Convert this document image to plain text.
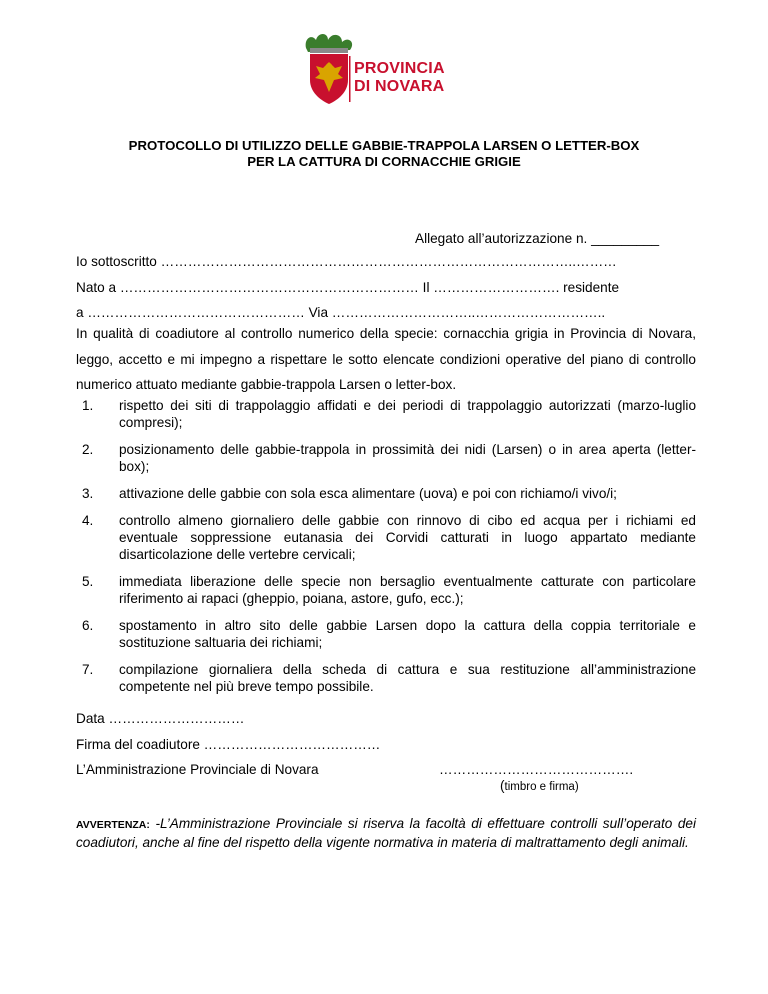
PROVINCIA
DI NOVARA
PROTOCOLLO DI UTILIZZO DELLE GABBIE-TRAPPOLA LARSEN O LETTER-BOX
PER LA CATTURA DI CORNACCHIE GRIGIE
Allegato all’autorizzazione n. _________
Io sottoscritto ………………………………………………………………………………..………
Nato a ………………………………………………………… Il ………………………. residente
a ………………………………………… Via …………………………..………………………..
In qualità di coadiutore al controllo numerico della specie: cornacchia grigia in Provincia di Novara, leggo, accetto e mi impegno a rispettare le sotto elencate condizioni operative del piano di controllo numerico attuato mediante gabbie-trappola Larsen o letter-box.
1. rispetto dei siti di trappolaggio affidati e dei periodi di trappolaggio autorizzati (marzo-luglio compresi);
2. posizionamento delle gabbie-trappola in prossimità dei nidi (Larsen) o in area aperta (letter-box);
3. attivazione delle gabbie con sola esca alimentare (uova) e poi con richiamo/i vivo/i;
4. controllo almeno giornaliero delle gabbie con rinnovo di cibo ed acqua per i richiami ed eventuale soppressione eutanasia dei Corvidi catturati in luogo appartato mediante disarticolazione delle vertebre cervicali;
5. immediata liberazione delle specie non bersaglio eventualmente catturate con particolare riferimento ai rapaci (gheppio, poiana, astore, gufo, ecc.);
6. spostamento in altro sito delle gabbie Larsen dopo la cattura della coppia territoriale e sostituzione saltuaria dei richiami;
7. compilazione giornaliera della scheda di cattura e sua restituzione all’amministrazione competente nel più breve tempo possibile.
Data …………………………
Firma del coadiutore …………………………………
L’Amministrazione Provinciale di Novara	…………………………………….
(timbro e firma)
AVVERTENZA: -L’Amministrazione Provinciale si riserva la facoltà di effettuare controlli sull’operato dei coadiutori, anche al fine del rispetto della vigente normativa in materia di maltrattamento degli animali.
